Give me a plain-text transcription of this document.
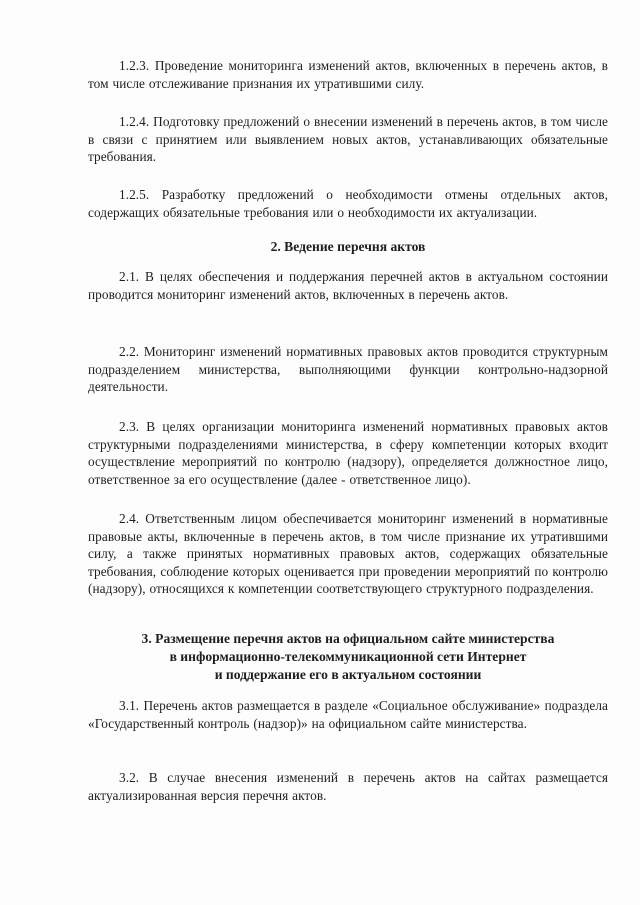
1.2.3. Проведение мониторинга изменений актов, включенных в перечень актов, в том числе отслеживание признания их утратившими силу.

1.2.4. Подготовку предложений о внесении изменений в перечень актов, в том числе в связи с принятием или выявлением новых актов, устанавливающих обязательные требования.

1.2.5. Разработку предложений о необходимости отмены отдельных актов, содержащих обязательные требования или о необходимости их актуализации.

2. Ведение перечня актов

2.1. В целях обеспечения и поддержания перечней актов в актуальном состоянии проводится мониторинг изменений актов, включенных в перечень актов.

2.2. Мониторинг изменений нормативных правовых актов проводится структурным подразделением министерства, выполняющими функции контрольно-надзорной деятельности.

2.3. В целях организации мониторинга изменений нормативных правовых актов структурными подразделениями министерства, в сферу компетенции которых входит осуществление мероприятий по контролю (надзору), определяется должностное лицо, ответственное за его осуществление (далее - ответственное лицо).

2.4. Ответственным лицом обеспечивается мониторинг изменений в нормативные правовые акты, включенные в перечень актов, в том числе признание их утратившими силу, а также принятых нормативных правовых актов, содержащих обязательные требования, соблюдение которых оценивается при проведении мероприятий по контролю (надзору), относящихся к компетенции соответствующего структурного подразделения.

3. Размещение перечня актов на официальном сайте министерства
в информационно-телекоммуникационной сети Интернет
и поддержание его в актуальном состоянии

3.1. Перечень актов размещается в разделе «Социальное обслуживание» подраздела «Государственный контроль (надзор)» на официальном сайте министерства.

3.2. В случае внесения изменений в перечень актов на сайтах размещается актуализированная версия перечня актов.
